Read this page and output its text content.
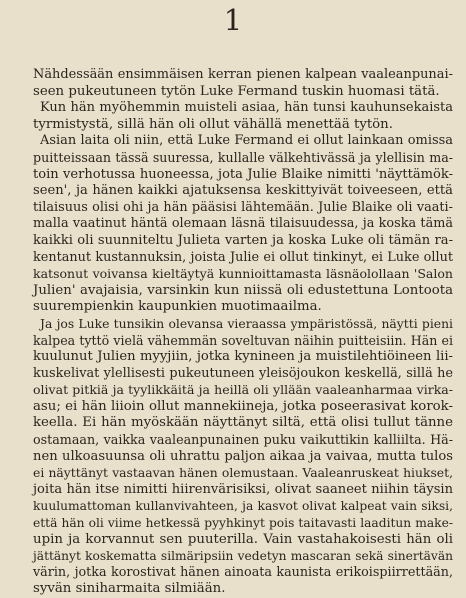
1
Nähdessään ensimmäisen kerran pienen kalpean vaaleanpunai-
seen pukeutuneen tytön Luke Fermand tuskin huomasi tätä.
Kun hän myöhemmin muisteli asiaa, hän tunsi kauhunsekaista
tyrmistystä, sillä hän oli ollut vähällä menettää tytön.
Asian laita oli niin, että Luke Fermand ei ollut lainkaan omissa
puitteissaan tässä suuressa, kullalle välkehtivässä ja ylellisin ma-
toin verhotussa huoneessa, jota Julie Blaike nimitti 'näyttämök-
seen', ja hänen kaikki ajatuksensa keskittyivät toiveeseen, että
tilaisuus olisi ohi ja hän pääsisi lähtemään. Julie Blaike oli vaati-
malla vaatinut häntä olemaan läsnä tilaisuudessa, ja koska tämä
kaikki oli suunniteltu Julieta varten ja koska Luke oli tämän ra-
kentanut kustannuksin, joista Julie ei ollut tinkinyt, ei Luke ollut
katsonut voivansa kieltäytyä kunnioittamasta läsnäolollaan 'Salon
Julien' avajaisia, varsinkin kun niissä oli edustettuna Lontoota
suurempienkin kaupunkien muotimaailma.
Ja jos Luke tunsikin olevansa vieraassa ympäristössä, näytti pieni
kalpea tyttö vielä vähemmän soveltuvan näihin puitteisiin. Hän ei
kuulunut Julien myyjiin, jotka kynineen ja muistilehtiöineen lii-
kuskelivat ylellisesti pukeutuneen yleisöjoukon keskellä, sillä he
olivat pitkiä ja tyylikkäitä ja heillä oli yllään vaaleanharmaa virka-
asu; ei hän liioin ollut mannekiineja, jotka poseerasivat korok-
keella. Ei hän myöskään näyttänyt siltä, että olisi tullut tänne
ostamaan, vaikka vaaleanpunainen puku vaikuttikin kalliilta. Hä-
nen ulkoasuunsa oli uhrattu paljon aikaa ja vaivaa, mutta tulos
ei näyttänyt vastaavan hänen olemustaan. Vaaleanruskeat hiukset,
joita hän itse nimitti hiirenvärisiksi, olivat saaneet niihin täysin
kuulumattoman kullanvivahteen, ja kasvot olivat kalpeat vain siksi,
että hän oli viime hetkessä pyyhkinyt pois taitavasti laaditun make-
upin ja korvannut sen puuterilla. Vain vastahakoisesti hän oli
jättänyt koskematta silmäripsiin vedetyn mascaran sekä sinertävän
värin, jotka korostivat hänen ainoata kaunista erikoispiirrettään,
syvän siniharmaita silmiään.
